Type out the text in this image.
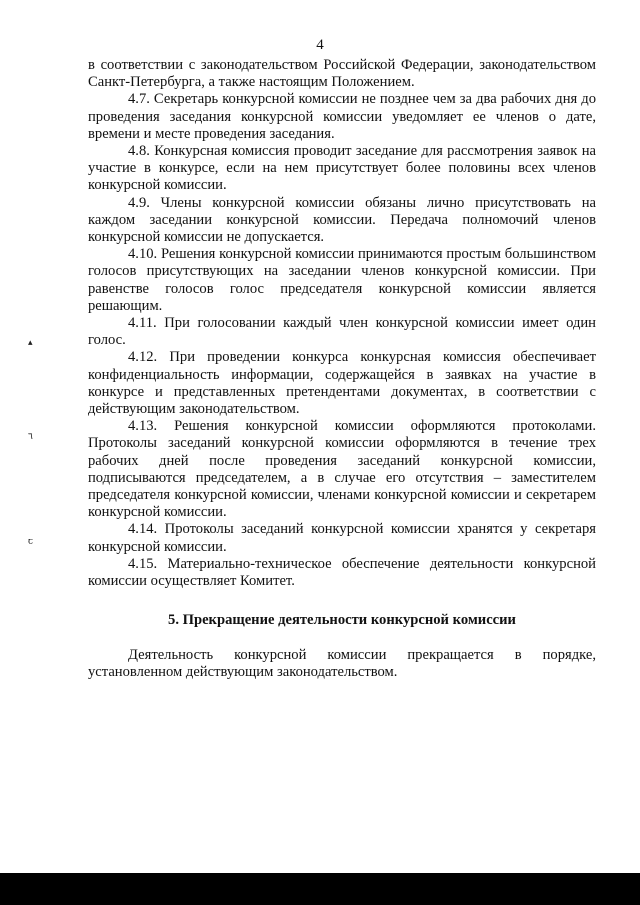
4
▴
٦
ꞇ

в соответствии с законодательством Российской Федерации, законодательством Санкт-Петербурга, а также настоящим Положением.

4.7. Секретарь конкурсной комиссии не позднее чем за два рабочих дня до проведения заседания конкурсной комиссии уведомляет ее членов о дате, времени и месте проведения заседания.

4.8. Конкурсная комиссия проводит заседание для рассмотрения заявок на участие в конкурсе, если на нем присутствует более половины всех членов конкурсной комиссии.

4.9. Члены конкурсной комиссии обязаны лично присутствовать на каждом заседании конкурсной комиссии. Передача полномочий членов конкурсной комиссии не допускается.

4.10. Решения конкурсной комиссии принимаются простым большинством голосов присутствующих на заседании членов конкурсной комиссии. При равенстве голосов голос председателя конкурсной комиссии является решающим.

4.11. При голосовании каждый член конкурсной комиссии имеет один голос.

4.12. При проведении конкурса конкурсная комиссия обеспечивает конфиденциальность информации, содержащейся в заявках на участие в конкурсе и представленных претендентами документах, в соответствии с действующим законодательством.

4.13. Решения конкурсной комиссии оформляются протоколами. Протоколы заседаний конкурсной комиссии оформляются в течение трех рабочих дней после проведения заседаний конкурсной комиссии, подписываются председателем, а в случае его отсутствия – заместителем председателя конкурсной комиссии, членами конкурсной комиссии и секретарем конкурсной комиссии.

4.14. Протоколы заседаний конкурсной комиссии хранятся у секретаря конкурсной комиссии.

4.15. Материально-техническое обеспечение деятельности конкурсной комиссии осуществляет Комитет.

5. Прекращение деятельности конкурсной комиссии

Деятельность конкурсной комиссии прекращается в порядке, установленном действующим законодательством.
